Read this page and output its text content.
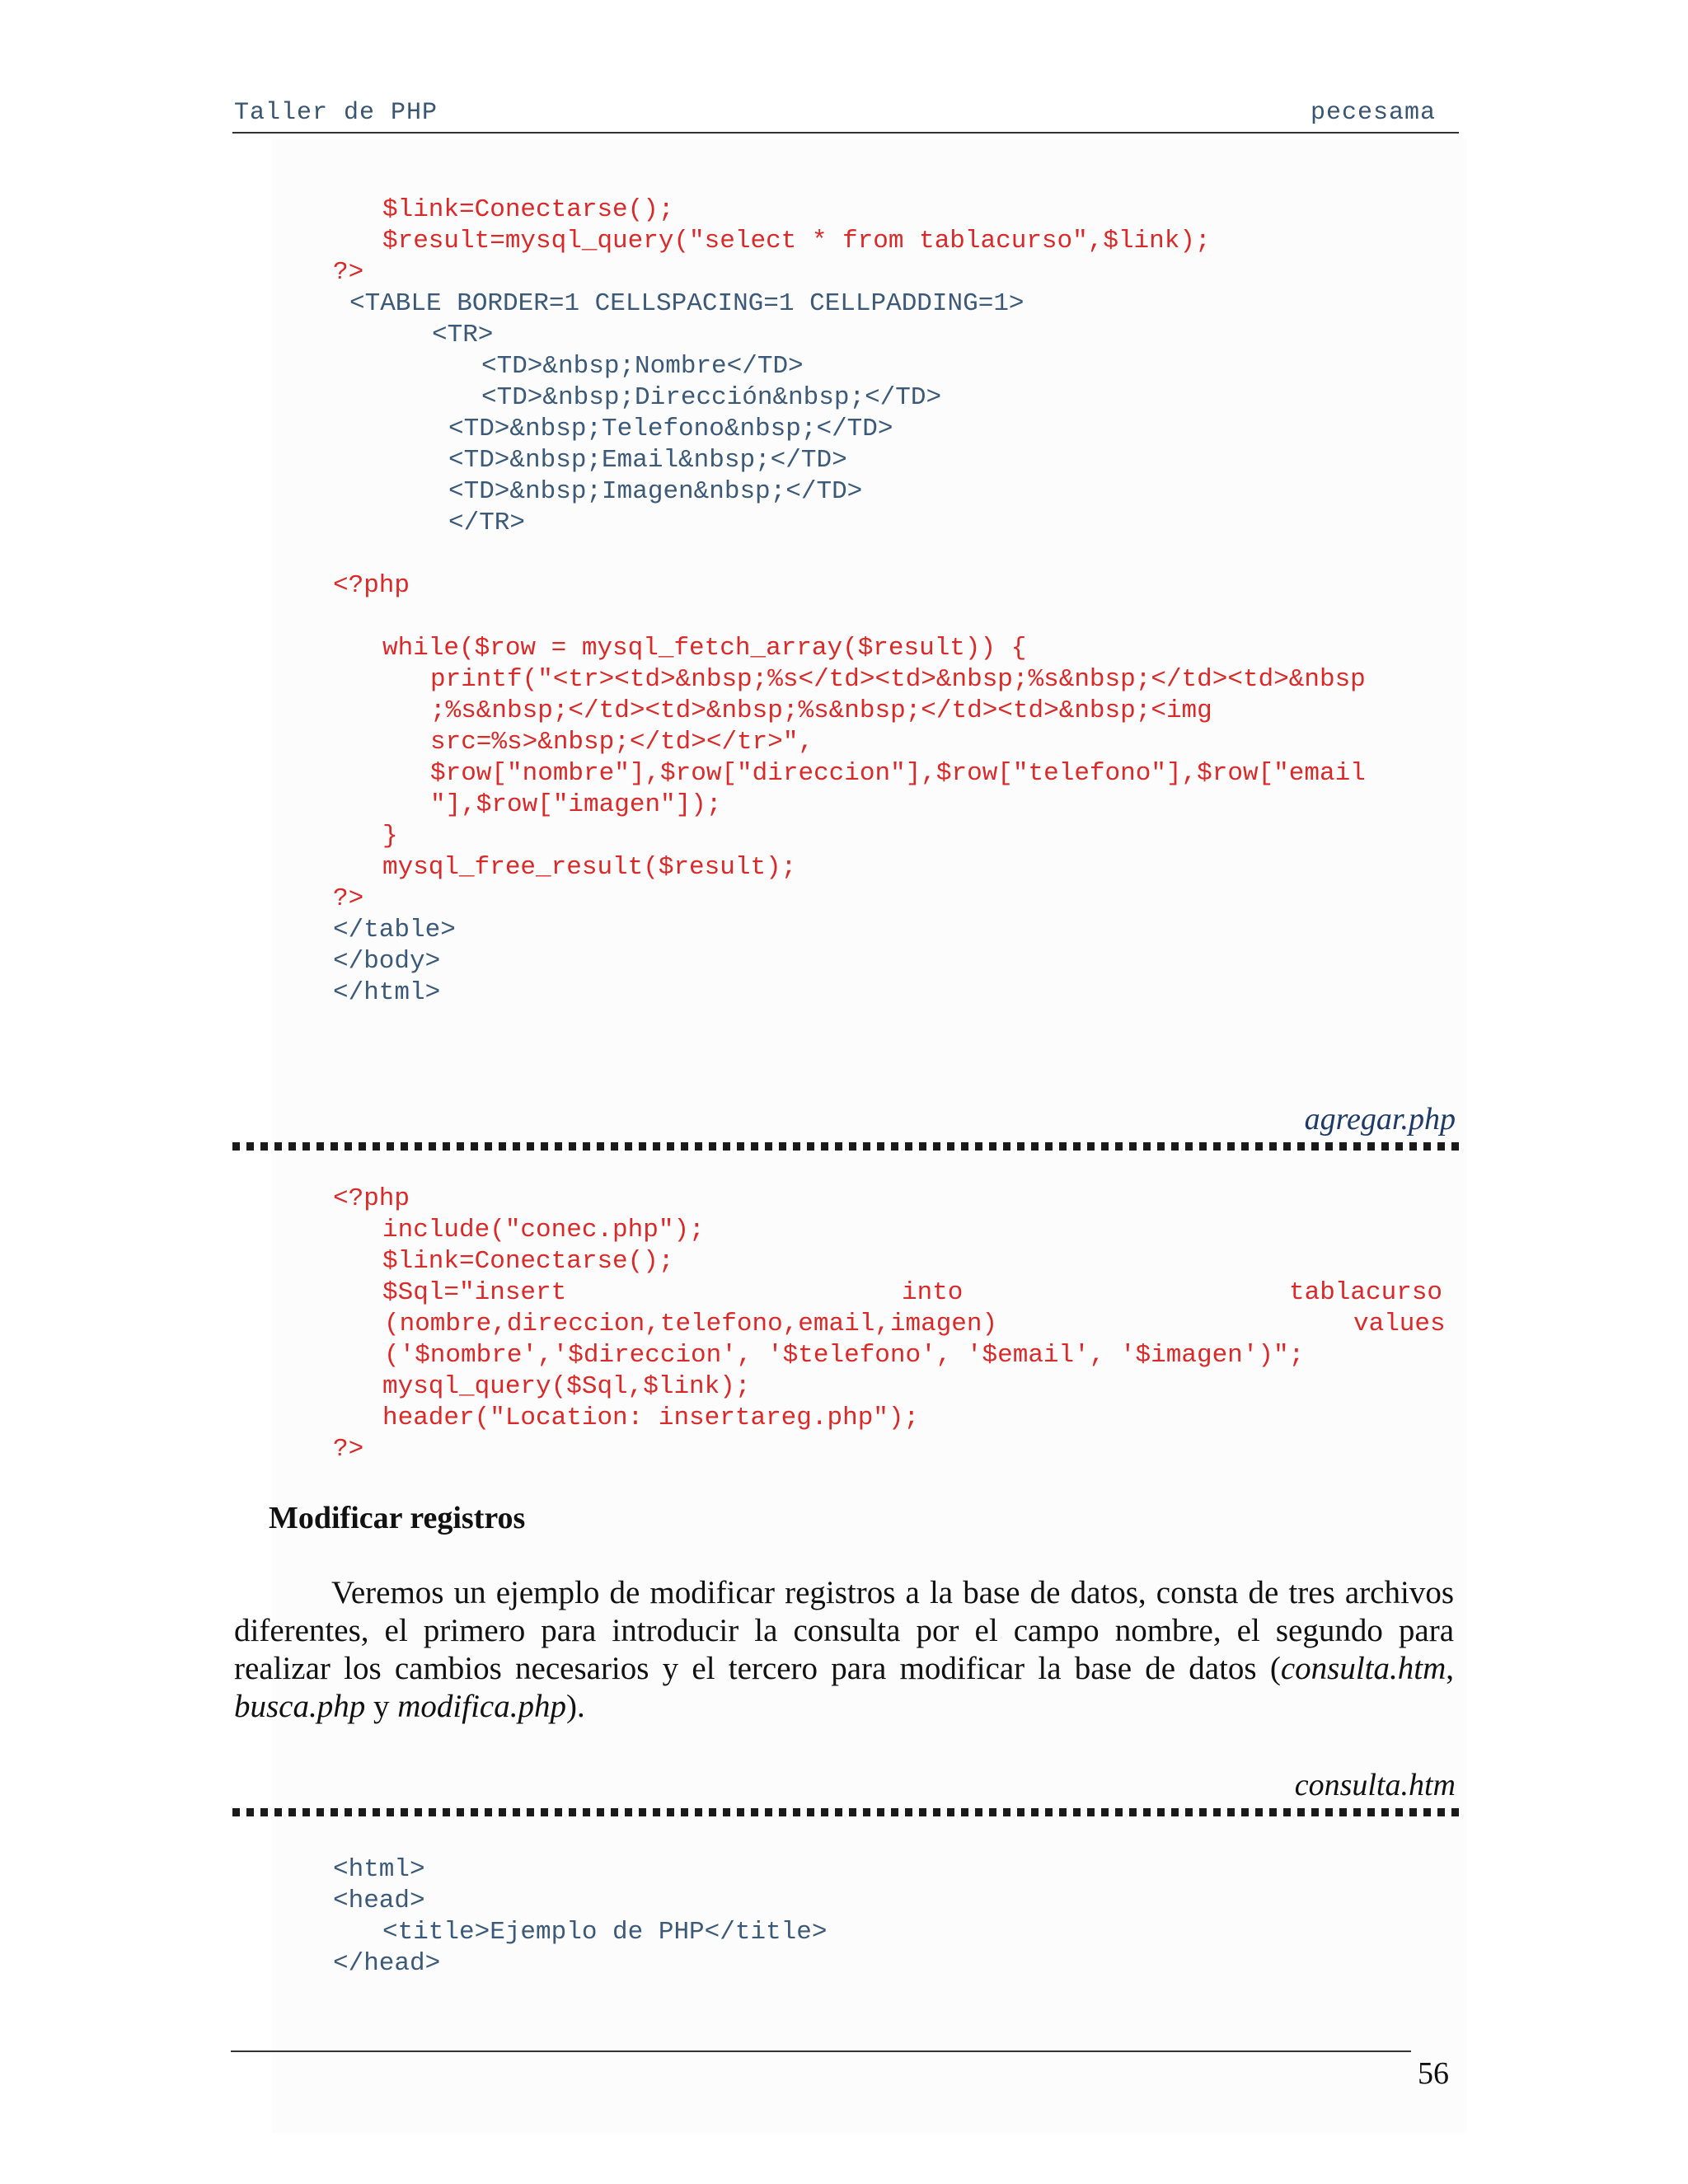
Taller de PHP	pecesama
$link=Conectarse();
$result=mysql_query("select * from tablacurso",$link);
?>
<TABLE BORDER=1 CELLSPACING=1 CELLPADDING=1>
<TR>
<TD>&nbsp;Nombre</TD>
<TD>&nbsp;Dirección&nbsp;</TD>
<TD>&nbsp;Telefono&nbsp;</TD>
<TD>&nbsp;Email&nbsp;</TD>
<TD>&nbsp;Imagen&nbsp;</TD>
</TR>
<?php
while($row = mysql_fetch_array($result)) {
printf("<tr><td>&nbsp;%s</td><td>&nbsp;%s&nbsp;</td><td>&nbsp
;%s&nbsp;</td><td>&nbsp;%s&nbsp;</td><td>&nbsp;<img
src=%s>&nbsp;</td></tr>",
$row["nombre"],$row["direccion"],$row["telefono"],$row["email
"],$row["imagen"]);
}
mysql_free_result($result);
?>
</table>
</body>
</html>
agregar.php
<?php
include("conec.php");
$link=Conectarse();
$Sql="insert	into	tablacurso
(nombre,direccion,telefono,email,imagen)	values
('$nombre','$direccion', '$telefono', '$email', '$imagen')";
mysql_query($Sql,$link);
header("Location: insertareg.php");
?>
Modificar registros
Veremos un ejemplo de modificar registros a la base de datos, consta de tres archivos diferentes, el primero para introducir la consulta por el campo nombre, el segundo para realizar los cambios necesarios y el tercero para modificar la base de datos (consulta.htm, busca.php y modifica.php).
consulta.htm
<html>
<head>
<title>Ejemplo de PHP</title>
</head>
56
